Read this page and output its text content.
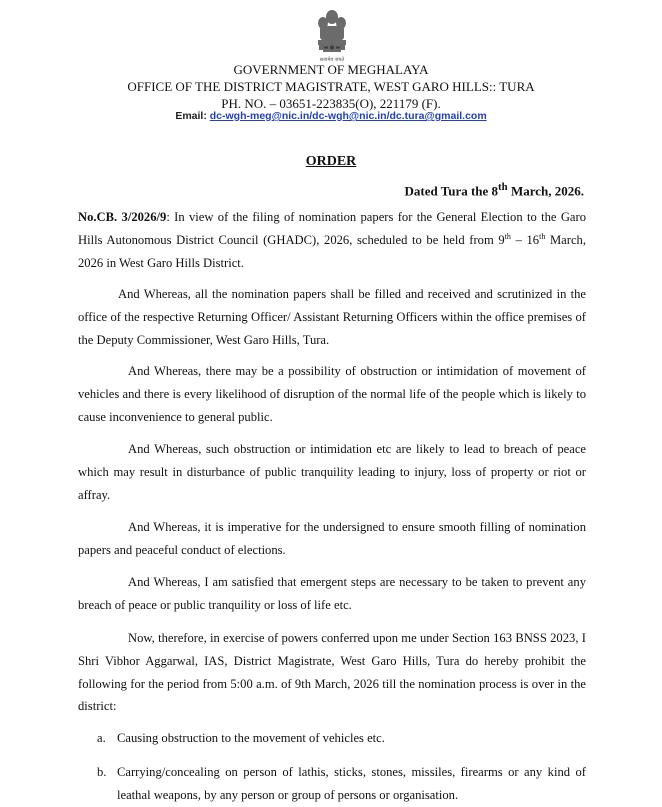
सत्यमेव जयते
GOVERNMENT OF MEGHALAYA
OFFICE OF THE DISTRICT MAGISTRATE, WEST GARO HILLS:: TURA
PH. NO. – 03651-223835(O), 221179 (F).
Email: dc-wgh-meg@nic.in/dc-wgh@nic.in/dc.tura@gmail.com
ORDER
Dated Tura the 8th March, 2026.

No.CB. 3/2026/9: In view of the filing of nomination papers for the General Election to the Garo Hills Autonomous District Council (GHADC), 2026, scheduled to be held from 9th – 16th March, 2026 in West Garo Hills District.

And Whereas, all the nomination papers shall be filled and received and scrutinized in the office of the respective Returning Officer/ Assistant Returning Officers within the office premises of the Deputy Commissioner, West Garo Hills, Tura.

And Whereas, there may be a possibility of obstruction or intimidation of movement of vehicles and there is every likelihood of disruption of the normal life of the people which is likely to cause inconvenience to general public.

And Whereas, such obstruction or intimidation etc are likely to lead to breach of peace which may result in disturbance of public tranquility leading to injury, loss of property or riot or affray.

And Whereas, it is imperative for the undersigned to ensure smooth filling of nomination papers and peaceful conduct of elections.

And Whereas, I am satisfied that emergent steps are necessary to be taken to prevent any breach of peace or public tranquility or loss of life etc.

Now, therefore, in exercise of powers conferred upon me under Section 163 BNSS 2023, I Shri Vibhor Aggarwal, IAS, District Magistrate, West Garo Hills, Tura do hereby prohibit the following for the period from 5:00 a.m. of 9th March, 2026 till the nomination process is over in the district:

a. Causing obstruction to the movement of vehicles etc.
b. Carrying/concealing on person of lathis, sticks, stones, missiles, firearms or any kind of leathal weapons, by any person or group of persons or organisation.
